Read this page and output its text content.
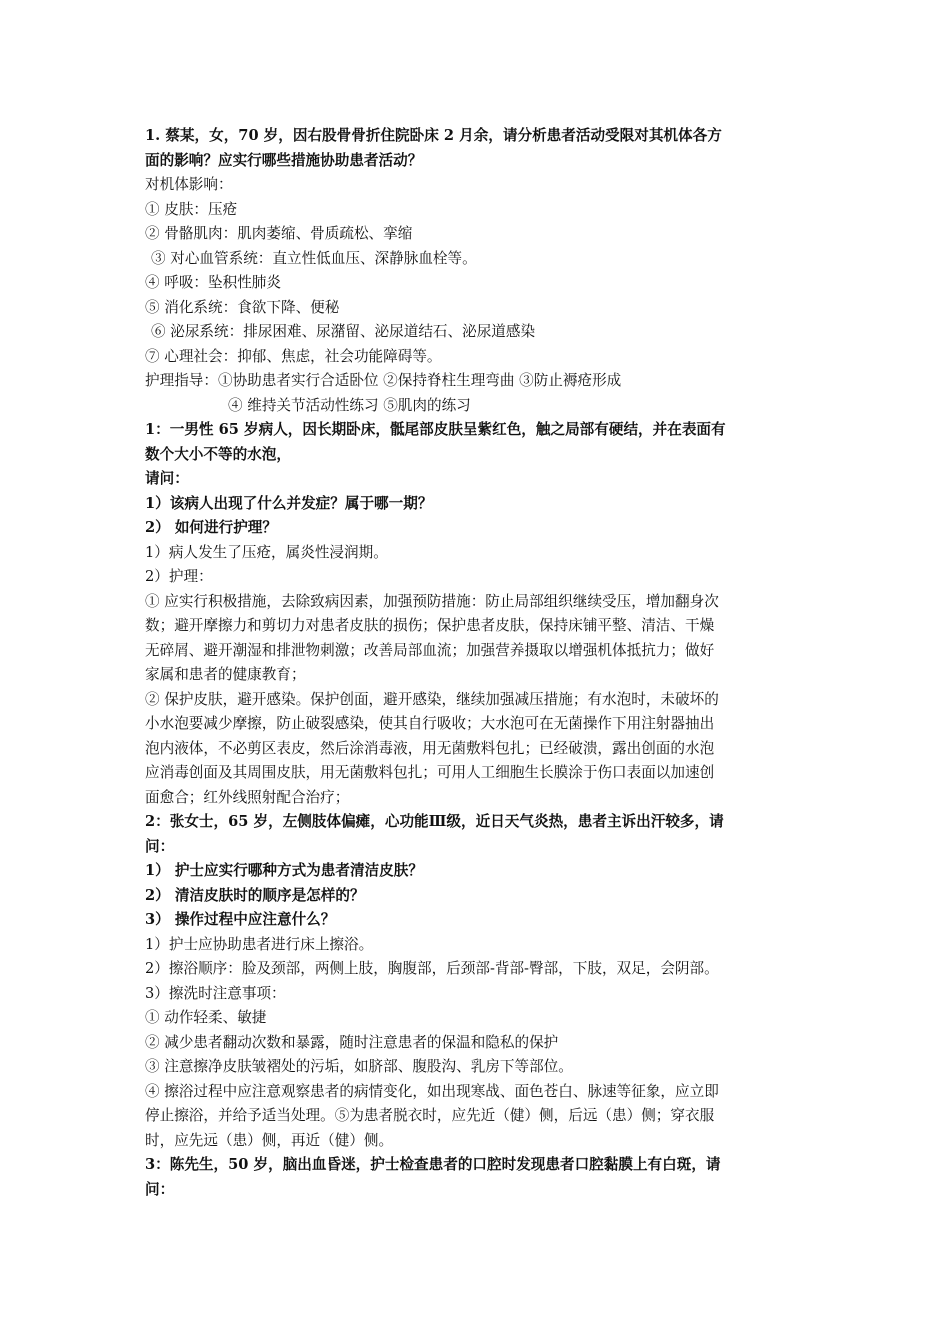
1. 蔡某，女，70 岁，因右股骨骨折住院卧床 2 月余，请分析患者活动受限对其机体各方
面的影响？应实行哪些措施协助患者活动？
对机体影响：
① 皮肤：压疮
② 骨骼肌肉：肌肉萎缩、骨质疏松、挛缩
③ 对心血管系统：直立性低血压、深静脉血栓等。
④ 呼吸：坠积性肺炎
⑤ 消化系统：食欲下降、便秘
⑥ 泌尿系统：排尿困难、尿潴留、泌尿道结石、泌尿道感染
⑦ 心理社会：抑郁、焦虑，社会功能障碍等。
护理指导：①协助患者实行合适卧位 ②保持脊柱生理弯曲 ③防止褥疮形成
④ 维持关节活动性练习 ⑤肌肉的练习
1：一男性 65 岁病人，因长期卧床，骶尾部皮肤呈紫红色，触之局部有硬结，并在表面有
数个大小不等的水泡，
请问：
1）该病人出现了什么并发症？属于哪一期？
2） 如何进行护理？
1）病人发生了压疮，属炎性浸润期。
2）护理：
① 应实行积极措施，去除致病因素，加强预防措施：防止局部组织继续受压，增加翻身次
数；避开摩擦力和剪切力对患者皮肤的损伤；保护患者皮肤，保持床铺平整、清洁、干燥
无碎屑、避开潮湿和排泄物刺激；改善局部血流；加强营养摄取以增强机体抵抗力；做好
家属和患者的健康教育；
② 保护皮肤，避开感染。保护创面，避开感染，继续加强减压措施；有水泡时，未破坏的
小水泡要减少摩擦，防止破裂感染，使其自行吸收；大水泡可在无菌操作下用注射器抽出
泡内液体，不必剪区表皮，然后涂消毒液，用无菌敷料包扎；已经破溃，露出创面的水泡
应消毒创面及其周围皮肤，用无菌敷料包扎；可用人工细胞生长膜涂于伤口表面以加速创
面愈合；红外线照射配合治疗；
2：张女士，65 岁，左侧肢体偏瘫，心功能Ⅲ级，近日天气炎热，患者主诉出汗较多，请
问：
1） 护士应实行哪种方式为患者清洁皮肤？
2） 清洁皮肤时的顺序是怎样的？
3） 操作过程中应注意什么？
1）护士应协助患者进行床上擦浴。
2）擦浴顺序：脸及颈部，两侧上肢，胸腹部，后颈部-背部-臀部，下肢，双足，会阴部。
3）擦洗时注意事项：
① 动作轻柔、敏捷
② 减少患者翻动次数和暴露，随时注意患者的保温和隐私的保护
③ 注意擦净皮肤皱褶处的污垢，如脐部、腹股沟、乳房下等部位。
④ 擦浴过程中应注意观察患者的病情变化，如出现寒战、面色苍白、脉速等征象，应立即
停止擦浴，并给予适当处理。⑤为患者脱衣时，应先近（健）侧，后远（患）侧；穿衣服
时，应先远（患）侧，再近（健）侧。
3：陈先生，50 岁，脑出血昏迷，护士检查患者的口腔时发现患者口腔黏膜上有白斑，请
问：
